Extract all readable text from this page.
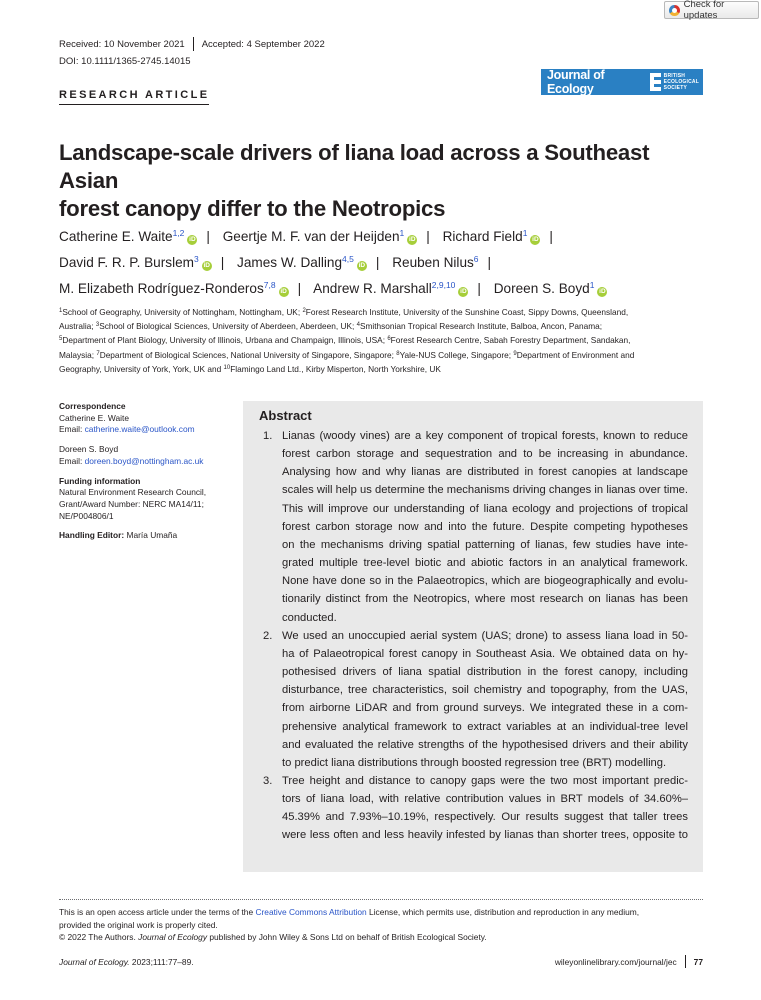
Check for updates
Received: 10 November 2021 Accepted: 4 September 2022
DOI: 10.1111/1365-2745.14015
Journal of Ecology
BRITISH
ECOLOGICAL
SOCIETY
RESEARCH ARTICLE
Landscape-scale drivers of liana load across a Southeast Asian
forest canopy differ to the Neotropics
Catherine E. Waite$^{1,2}$iD | Geertje M. F. van der Heijden$^1$iD | Richard Field$^1$iD |
David F. R. P. Burslem$^3$iD | James W. Dalling$^{4,5}$iD | Reuben Nilus$^6$ |
M. Elizabeth Rodríguez-Ronderos$^{7,8}$iD | Andrew R. Marshall$^{2,9,10}$iD | Doreen S. Boyd$^1$iD
$^1$School of Geography, University of Nottingham, Nottingham, UK; $^2$Forest Research Institute, University of the Sunshine Coast, Sippy Downs, Queensland,
Australia; $^3$School of Biological Sciences, University of Aberdeen, Aberdeen, UK; $^4$Smithsonian Tropical Research Institute, Balboa, Ancon, Panama;
$^5$Department of Plant Biology, University of Illinois, Urbana and Champaign, Illinois, USA; $^6$Forest Research Centre, Sabah Forestry Department, Sandakan,
Malaysia; $^7$Department of Biological Sciences, National University of Singapore, Singapore; $^8$Yale-NUS College, Singapore; $^9$Department of Environment and
Geography, University of York, York, UK and $^{10}$Flamingo Land Ltd., Kirby Misperton, North Yorkshire, UK
Correspondence
Catherine E. Waite
Email: catherine.waite@outlook.com
Doreen S. Boyd
Email: doreen.boyd@nottingham.ac.uk
Funding information
Natural Environment Research Council,
Grant/Award Number: NERC MA14/11;
NE/P004806/1
Handling Editor: María Umaña
Abstract
1. Lianas (woody vines) are a key component of tropical forests, known to reduce
forest carbon storage and sequestration and to be increasing in abundance.
Analysing how and why lianas are distributed in forest canopies at landscape
scales will help us determine the mechanisms driving changes in lianas over time.
This will improve our understanding of liana ecology and projections of tropical
forest carbon storage now and into the future. Despite competing hypotheses
on the mechanisms driving spatial patterning of lianas, few studies have inte-
grated multiple tree-level biotic and abiotic factors in an analytical framework.
None have done so in the Palaeotropics, which are biogeographically and evolu-
tionarily distinct from the Neotropics, where most research on lianas has been
conducted.
2. We used an unoccupied aerial system (UAS; drone) to assess liana load in 50-
ha of Palaeotropical forest canopy in Southeast Asia. We obtained data on hy-
pothesised drivers of liana spatial distribution in the forest canopy, including
disturbance, tree characteristics, soil chemistry and topography, from the UAS,
from airborne LiDAR and from ground surveys. We integrated these in a com-
prehensive analytical framework to extract variables at an individual-tree level
and evaluated the relative strengths of the hypothesised drivers and their ability
to predict liana distributions through boosted regression tree (BRT) modelling.
3. Tree height and distance to canopy gaps were the two most important predic-
tors of liana load, with relative contribution values in BRT models of 34.60%–
45.39% and 7.93%–10.19%, respectively. Our results suggest that taller trees
were less often and less heavily infested by lianas than shorter trees, opposite to
This is an open access article under the terms of the Creative Commons Attribution License, which permits use, distribution and reproduction in any medium,
provided the original work is properly cited.
© 2022 The Authors. Journal of Ecology published by John Wiley & Sons Ltd on behalf of British Ecological Society.
Journal of Ecology. 2023;111:77–89.	wileyonlinelibrary.com/journal/jec 77
